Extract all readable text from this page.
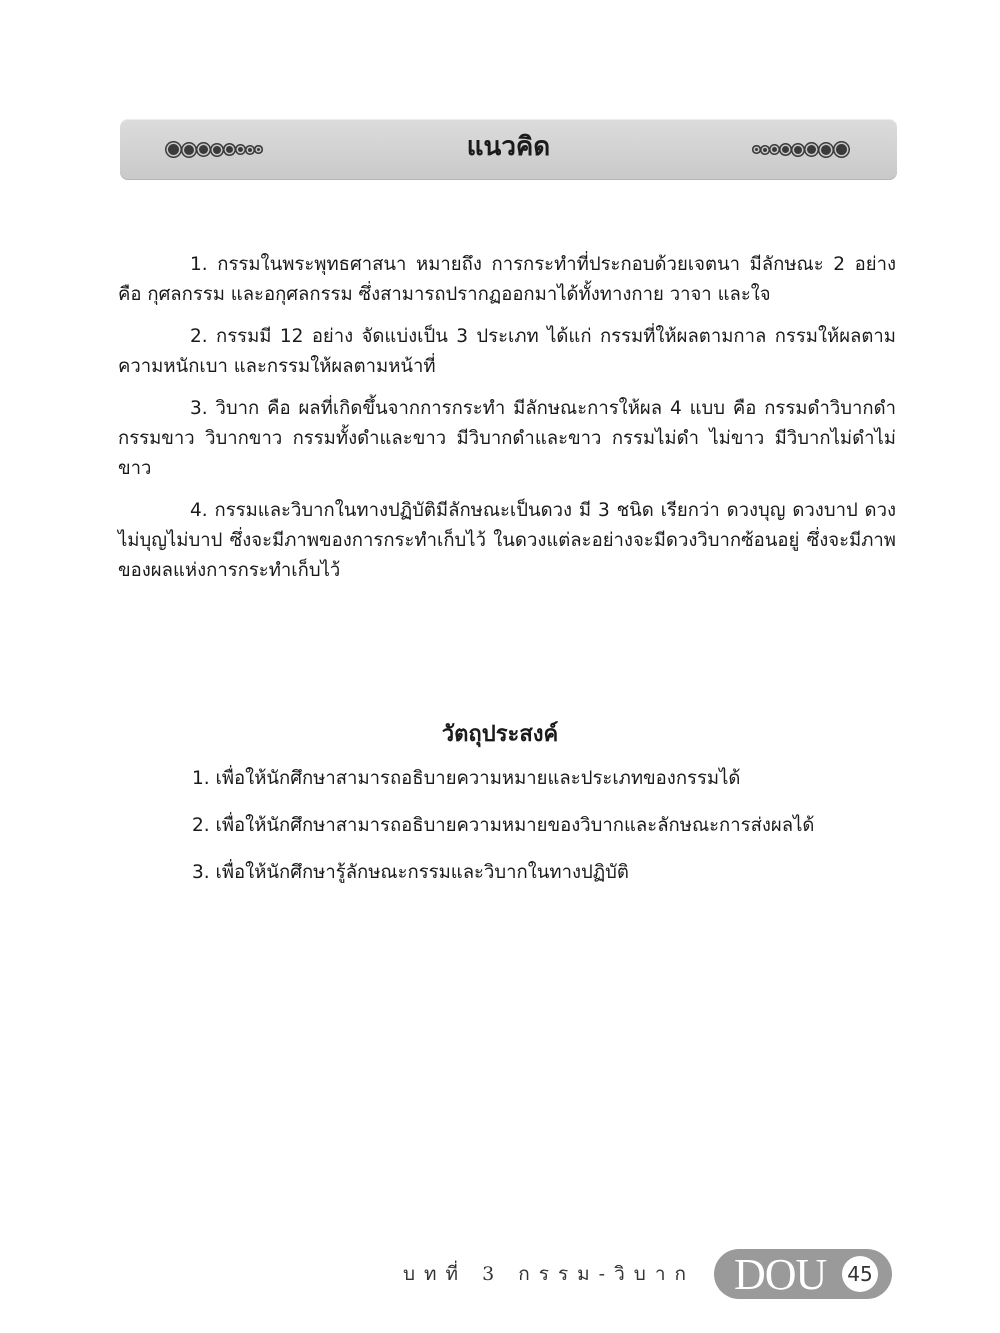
แนวคิด

1. กรรมในพระพุทธศาสนา หมายถึง การกระทำที่ประกอบด้วยเจตนา มีลักษณะ 2 อย่าง คือ กุศลกรรม และอกุศลกรรม ซึ่งสามารถปรากฏออกมาได้ทั้งทางกาย วาจา และใจ

2. กรรมมี 12 อย่าง จัดแบ่งเป็น 3 ประเภท ได้แก่ กรรมที่ให้ผลตามกาล กรรมให้ผลตามความหนักเบา และกรรมให้ผลตามหน้าที่

3. วิบาก คือ ผลที่เกิดขึ้นจากการกระทำ มีลักษณะการให้ผล 4 แบบ คือ กรรมดำวิบากดำ กรรมขาว วิบากขาว กรรมทั้งดำและขาว มีวิบากดำและขาว กรรมไม่ดำ ไม่ขาว มีวิบากไม่ดำไม่ขาว

4. กรรมและวิบากในทางปฏิบัติมีลักษณะเป็นดวง มี 3 ชนิด เรียกว่า ดวงบุญ ดวงบาป ดวงไม่บุญไม่บาป ซึ่งจะมีภาพของการกระทำเก็บไว้ ในดวงแต่ละอย่างจะมีดวงวิบากซ้อนอยู่ ซึ่งจะมีภาพของผลแห่งการกระทำเก็บไว้

วัตถุประสงค์
1. เพื่อให้นักศึกษาสามารถอธิบายความหมายและประเภทของกรรมได้
2. เพื่อให้นักศึกษาสามารถอธิบายความหมายของวิบากและลักษณะการส่งผลได้
3. เพื่อให้นักศึกษารู้ลักษณะกรรมและวิบากในทางปฏิบัติ
บทที่ 3 กรรม-วิบาก DOU 45
